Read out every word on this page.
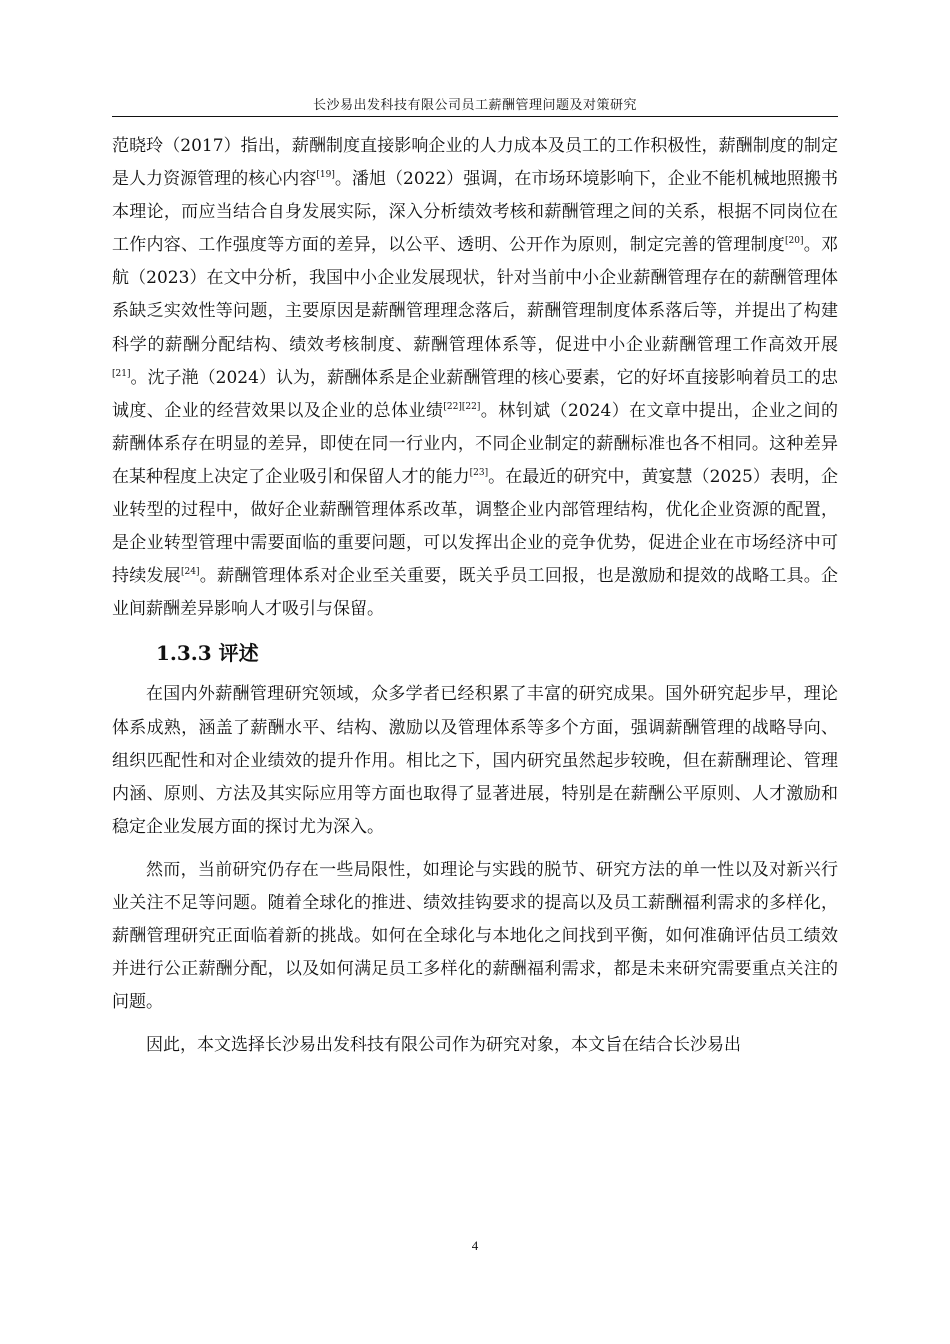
长沙易出发科技有限公司员工薪酬管理问题及对策研究

范晓玲（2017）指出，薪酬制度直接影响企业的人力成本及员工的工作积极性，薪酬制度的制定是人力资源管理的核心内容[19]。潘旭（2022）强调，在市场环境影响下，企业不能机械地照搬书本理论，而应当结合自身发展实际，深入分析绩效考核和薪酬管理之间的关系，根据不同岗位在工作内容、工作强度等方面的差异，以公平、透明、公开作为原则，制定完善的管理制度[20]。邓航（2023）在文中分析，我国中小企业发展现状，针对当前中小企业薪酬管理存在的薪酬管理体系缺乏实效性等问题，主要原因是薪酬管理理念落后，薪酬管理制度体系落后等，并提出了构建科学的薪酬分配结构、绩效考核制度、薪酬管理体系等，促进中小企业薪酬管理工作高效开展[21]。沈子滟（2024）认为，薪酬体系是企业薪酬管理的核心要素，它的好坏直接影响着员工的忠诚度、企业的经营效果以及企业的总体业绩[22][22]。林钊斌（2024）在文章中提出，企业之间的薪酬体系存在明显的差异，即使在同一行业内，不同企业制定的薪酬标准也各不相同。这种差异在某种程度上决定了企业吸引和保留人才的能力[23]。在最近的研究中，黄宴慧（2025）表明，企业转型的过程中，做好企业薪酬管理体系改革，调整企业内部管理结构，优化企业资源的配置，是企业转型管理中需要面临的重要问题，可以发挥出企业的竞争优势，促进企业在市场经济中可持续发展[24]。薪酬管理体系对企业至关重要，既关乎员工回报，也是激励和提效的战略工具。企业间薪酬差异影响人才吸引与保留。

1.3.3 评述

在国内外薪酬管理研究领域，众多学者已经积累了丰富的研究成果。国外研究起步早，理论体系成熟，涵盖了薪酬水平、结构、激励以及管理体系等多个方面，强调薪酬管理的战略导向、组织匹配性和对企业绩效的提升作用。相比之下，国内研究虽然起步较晚，但在薪酬理论、管理内涵、原则、方法及其实际应用等方面也取得了显著进展，特别是在薪酬公平原则、人才激励和稳定企业发展方面的探讨尤为深入。

然而，当前研究仍存在一些局限性，如理论与实践的脱节、研究方法的单一性以及对新兴行业关注不足等问题。随着全球化的推进、绩效挂钩要求的提高以及员工薪酬福利需求的多样化，薪酬管理研究正面临着新的挑战。如何在全球化与本地化之间找到平衡，如何准确评估员工绩效并进行公正薪酬分配，以及如何满足员工多样化的薪酬福利需求，都是未来研究需要重点关注的问题。

因此，本文选择长沙易出发科技有限公司作为研究对象，本文旨在结合长沙易出

4
